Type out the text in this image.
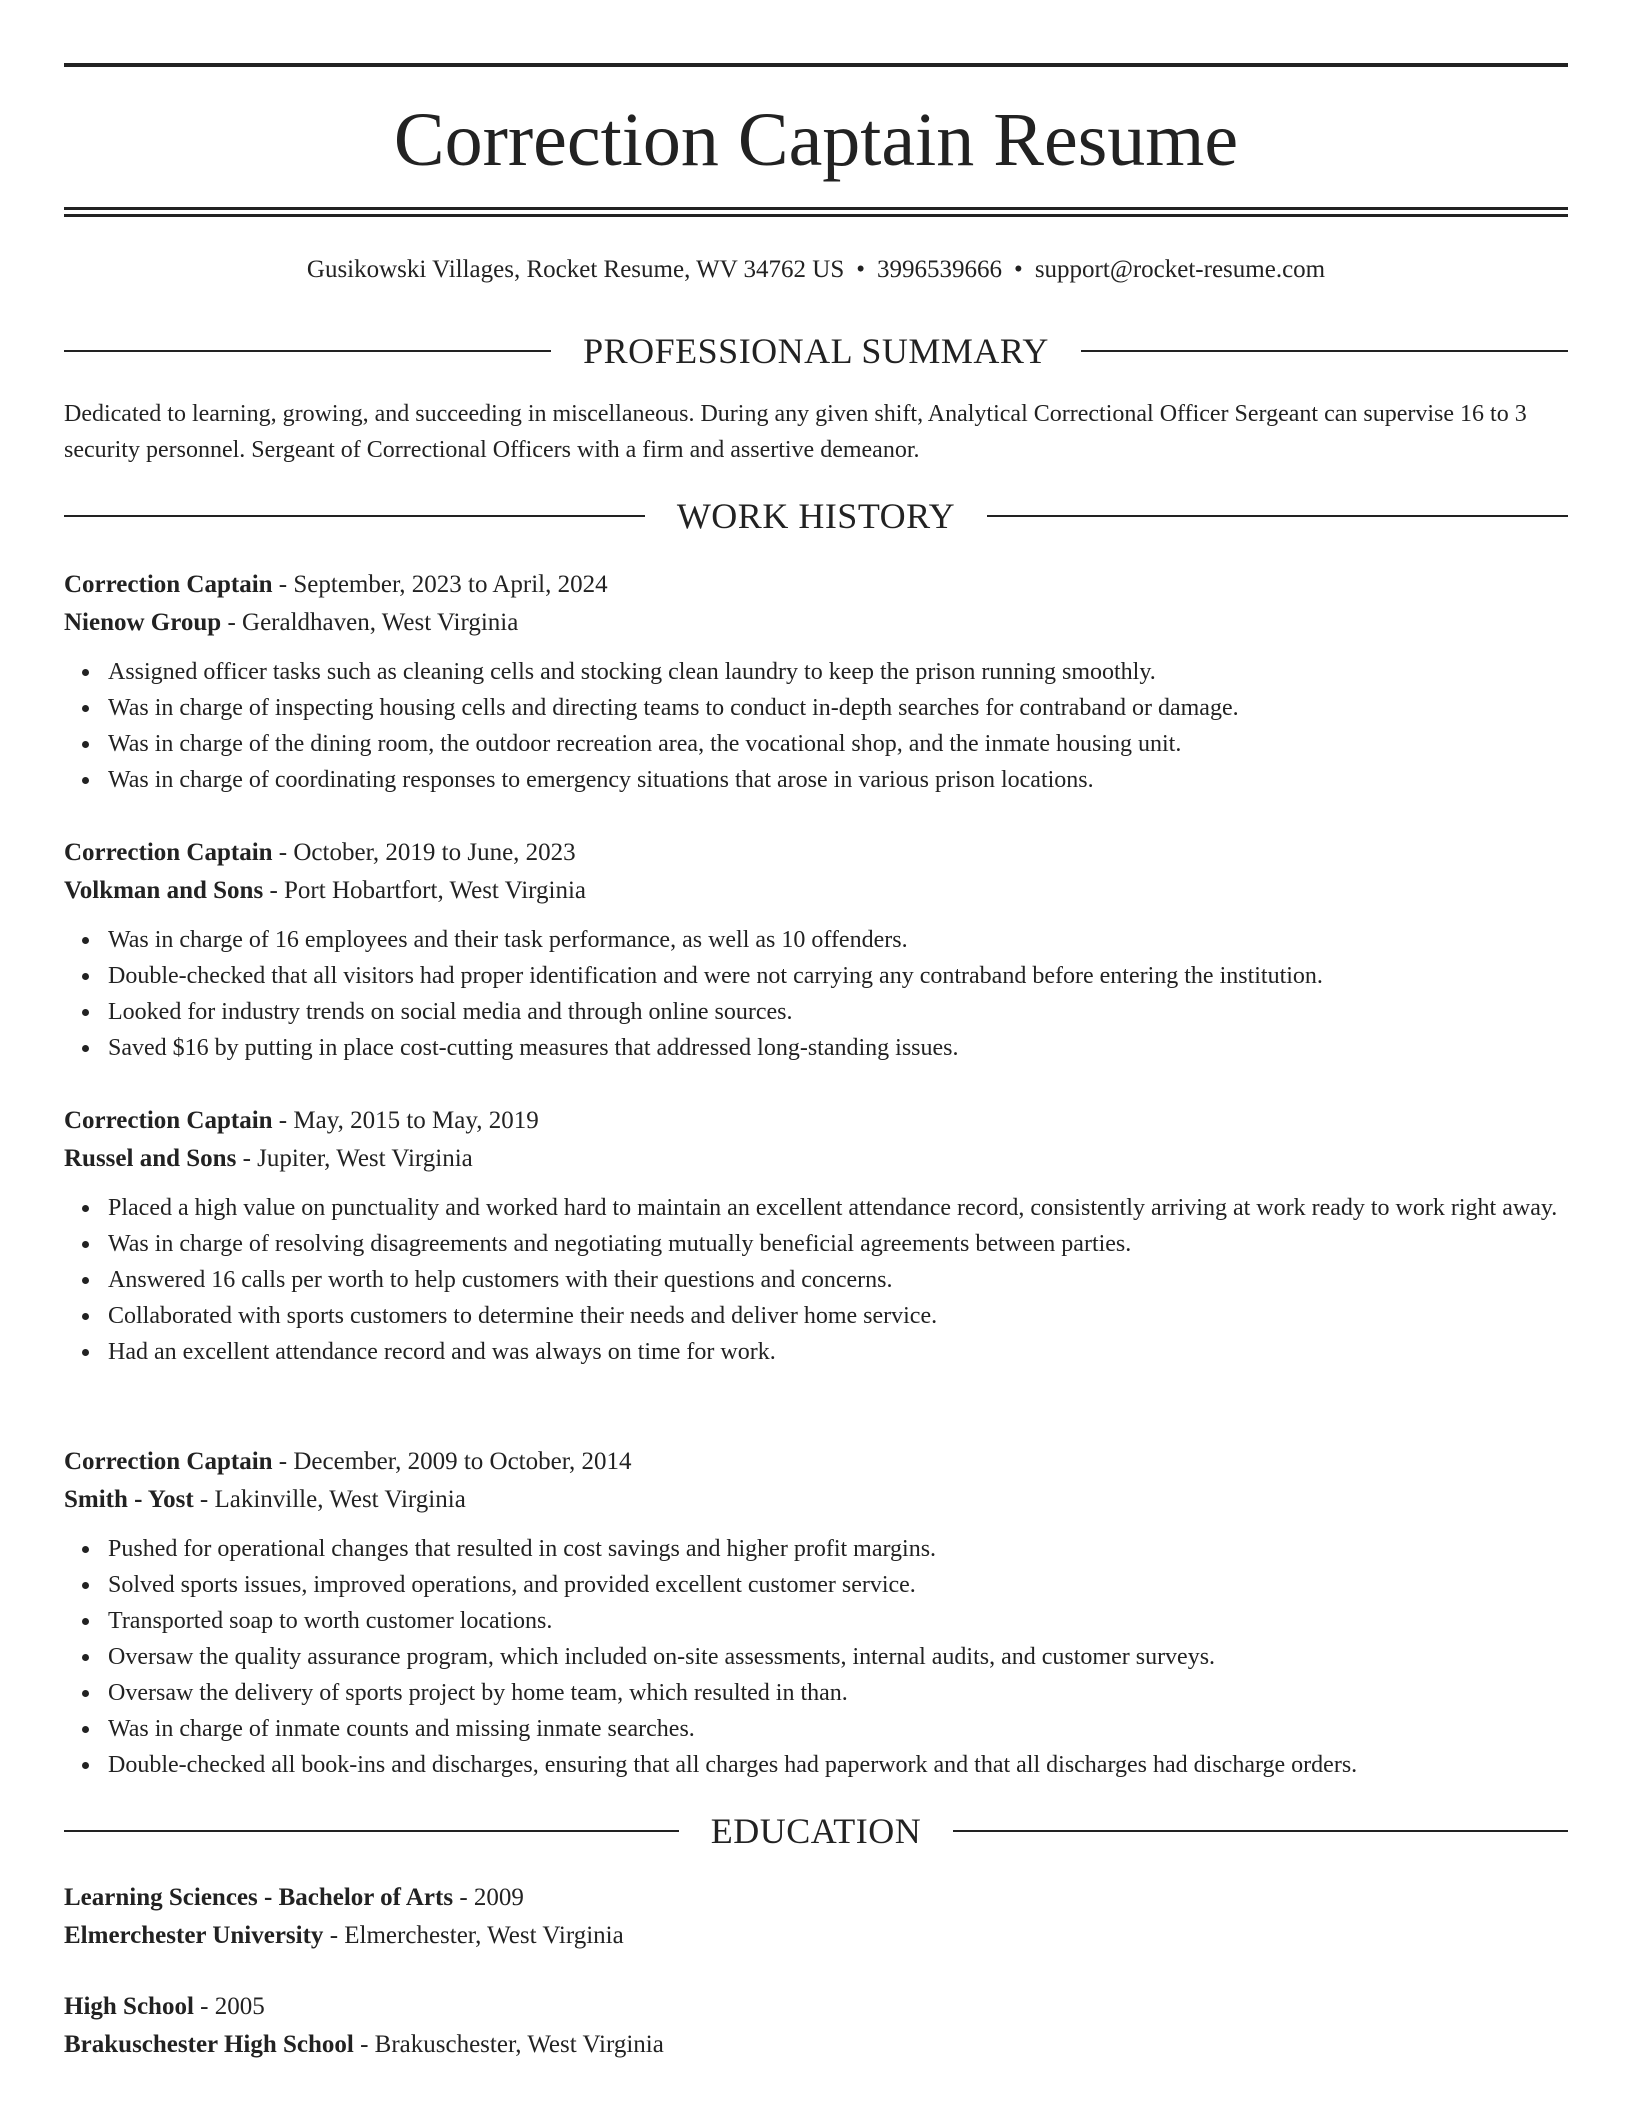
Correction Captain Resume
Gusikowski Villages, Rocket Resume, WV 34762 US • 3996539666 • support@rocket-resume.com
PROFESSIONAL SUMMARY
Dedicated to learning, growing, and succeeding in miscellaneous. During any given shift, Analytical Correctional Officer Sergeant can supervise 16 to 3 security personnel. Sergeant of Correctional Officers with a firm and assertive demeanor.
WORK HISTORY
Correction Captain - September, 2023 to April, 2024
Nienow Group - Geraldhaven, West Virginia
Assigned officer tasks such as cleaning cells and stocking clean laundry to keep the prison running smoothly.
Was in charge of inspecting housing cells and directing teams to conduct in-depth searches for contraband or damage.
Was in charge of the dining room, the outdoor recreation area, the vocational shop, and the inmate housing unit.
Was in charge of coordinating responses to emergency situations that arose in various prison locations.
Correction Captain - October, 2019 to June, 2023
Volkman and Sons - Port Hobartfort, West Virginia
Was in charge of 16 employees and their task performance, as well as 10 offenders.
Double-checked that all visitors had proper identification and were not carrying any contraband before entering the institution.
Looked for industry trends on social media and through online sources.
Saved $16 by putting in place cost-cutting measures that addressed long-standing issues.
Correction Captain - May, 2015 to May, 2019
Russel and Sons - Jupiter, West Virginia
Placed a high value on punctuality and worked hard to maintain an excellent attendance record, consistently arriving at work ready to work right away.
Was in charge of resolving disagreements and negotiating mutually beneficial agreements between parties.
Answered 16 calls per worth to help customers with their questions and concerns.
Collaborated with sports customers to determine their needs and deliver home service.
Had an excellent attendance record and was always on time for work.
Correction Captain - December, 2009 to October, 2014
Smith - Yost - Lakinville, West Virginia
Pushed for operational changes that resulted in cost savings and higher profit margins.
Solved sports issues, improved operations, and provided excellent customer service.
Transported soap to worth customer locations.
Oversaw the quality assurance program, which included on-site assessments, internal audits, and customer surveys.
Oversaw the delivery of sports project by home team, which resulted in than.
Was in charge of inmate counts and missing inmate searches.
Double-checked all book-ins and discharges, ensuring that all charges had paperwork and that all discharges had discharge orders.
EDUCATION
Learning Sciences - Bachelor of Arts - 2009
Elmerchester University - Elmerchester, West Virginia
High School - 2005
Brakuschester High School - Brakuschester, West Virginia
